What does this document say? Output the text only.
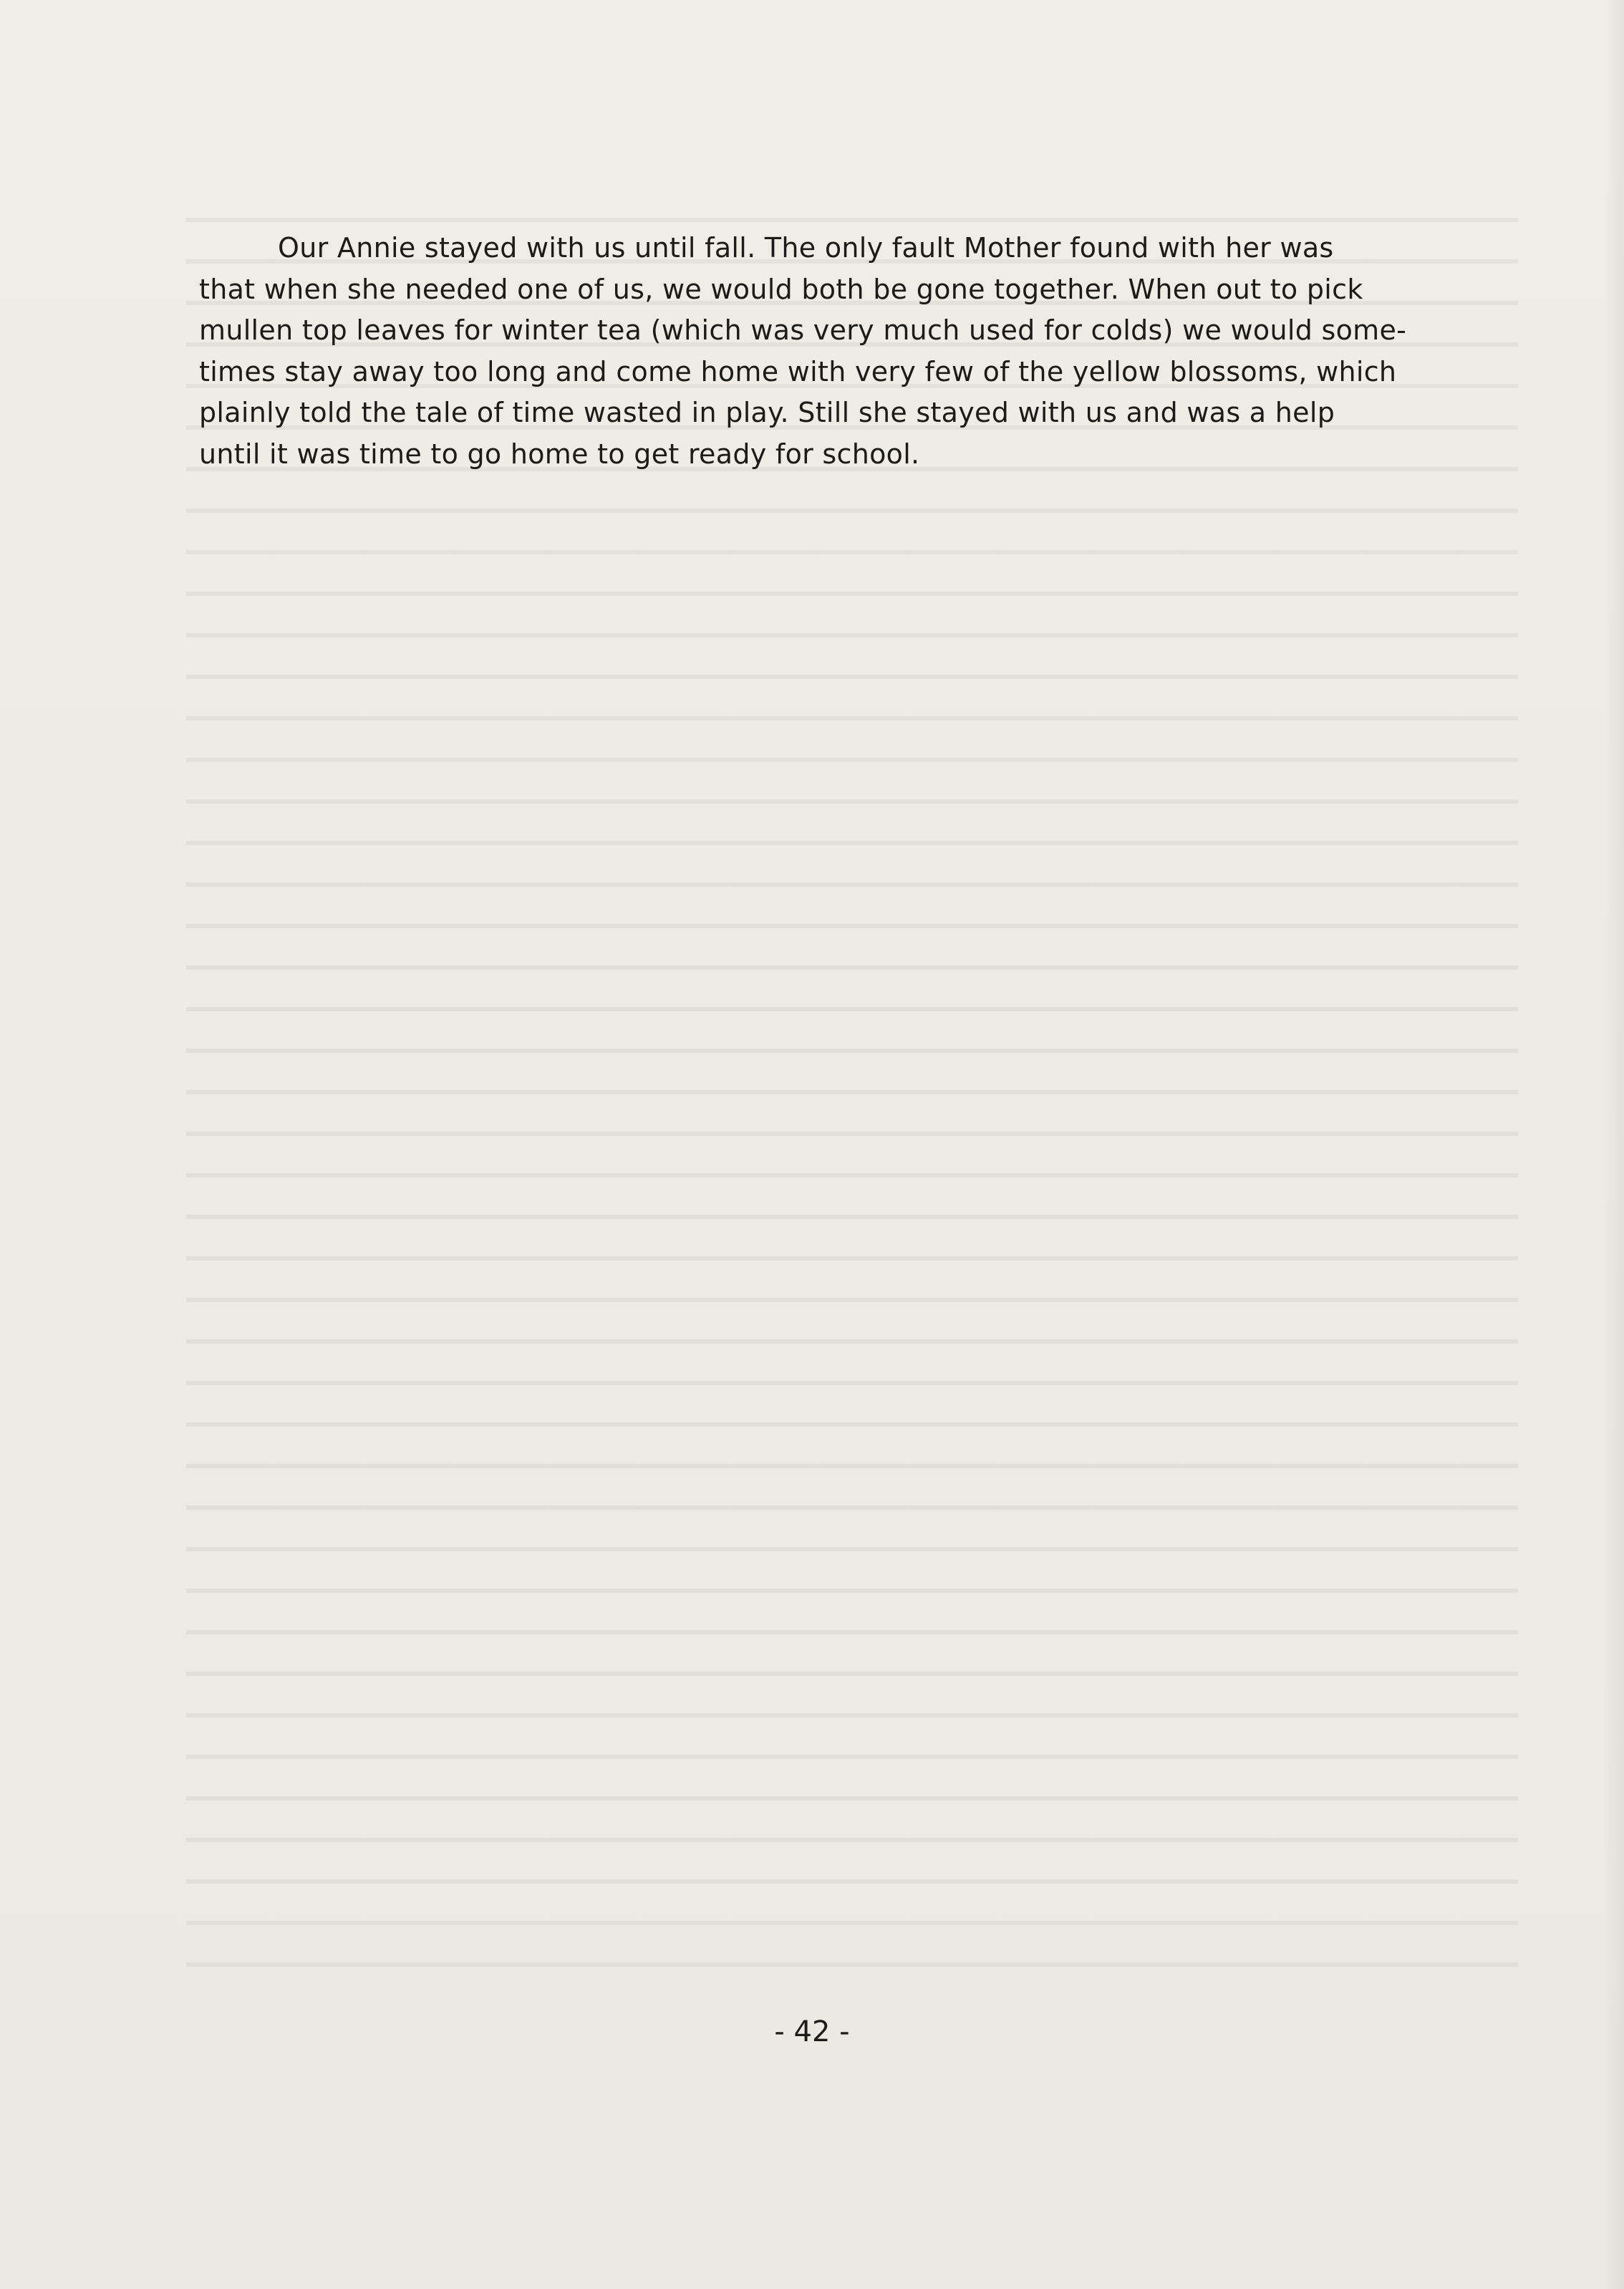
Our Annie stayed with us until fall. The only fault Mother found with her was
that when she needed one of us, we would both be gone together. When out to pick
mullen top leaves for winter tea (which was very much used for colds) we would some-
times stay away too long and come home with very few of the yellow blossoms, which
plainly told the tale of time wasted in play. Still she stayed with us and was a help
until it was time to go home to get ready for school.

- 42 -
